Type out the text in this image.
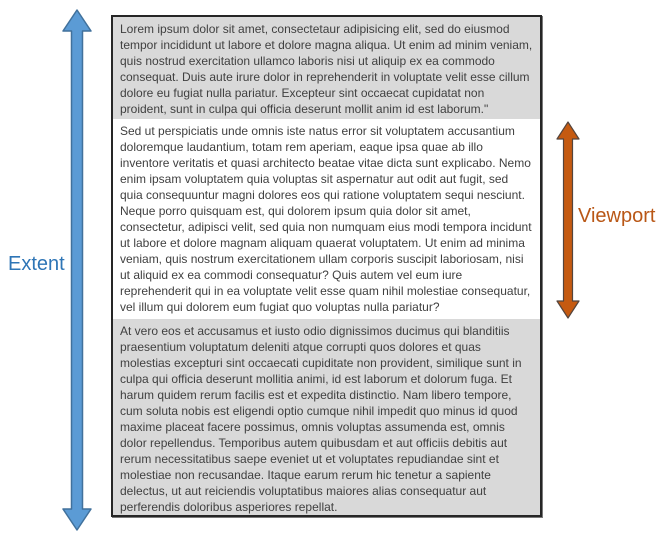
Extent
Lorem ipsum dolor sit amet, consectetaur adipisicing elit, sed do eiusmod tempor incididunt ut labore et dolore magna aliqua. Ut enim ad minim veniam, quis nostrud exercitation ullamco laboris nisi ut aliquip ex ea commodo consequat. Duis aute irure dolor in reprehenderit in voluptate velit esse cillum dolore eu fugiat nulla pariatur. Excepteur sint occaecat cupidatat non proident, sunt in culpa qui officia deserunt mollit anim id est laborum."
Sed ut perspiciatis unde omnis iste natus error sit voluptatem accusantium doloremque laudantium, totam rem aperiam, eaque ipsa quae ab illo inventore veritatis et quasi architecto beatae vitae dicta sunt explicabo. Nemo enim ipsam voluptatem quia voluptas sit aspernatur aut odit aut fugit, sed quia consequuntur magni dolores eos qui ratione voluptatem sequi nesciunt. Neque porro quisquam est, qui dolorem ipsum quia dolor sit amet, consectetur, adipisci velit, sed quia non numquam eius modi tempora incidunt ut labore et dolore magnam aliquam quaerat voluptatem. Ut enim ad minima veniam, quis nostrum exercitationem ullam corporis suscipit laboriosam, nisi ut aliquid ex ea commodi consequatur? Quis autem vel eum iure reprehenderit qui in ea voluptate velit esse quam nihil molestiae consequatur, vel illum qui dolorem eum fugiat quo voluptas nulla pariatur?
At vero eos et accusamus et iusto odio dignissimos ducimus qui blanditiis praesentium voluptatum deleniti atque corrupti quos dolores et quas molestias excepturi sint occaecati cupiditate non provident, similique sunt in culpa qui officia deserunt mollitia animi, id est laborum et dolorum fuga. Et harum quidem rerum facilis est et expedita distinctio. Nam libero tempore, cum soluta nobis est eligendi optio cumque nihil impedit quo minus id quod maxime placeat facere possimus, omnis voluptas assumenda est, omnis dolor repellendus. Temporibus autem quibusdam et aut officiis debitis aut rerum necessitatibus saepe eveniet ut et voluptates repudiandae sint et molestiae non recusandae. Itaque earum rerum hic tenetur a sapiente delectus, ut aut reiciendis voluptatibus maiores alias consequatur aut perferendis doloribus asperiores repellat.
Viewport
